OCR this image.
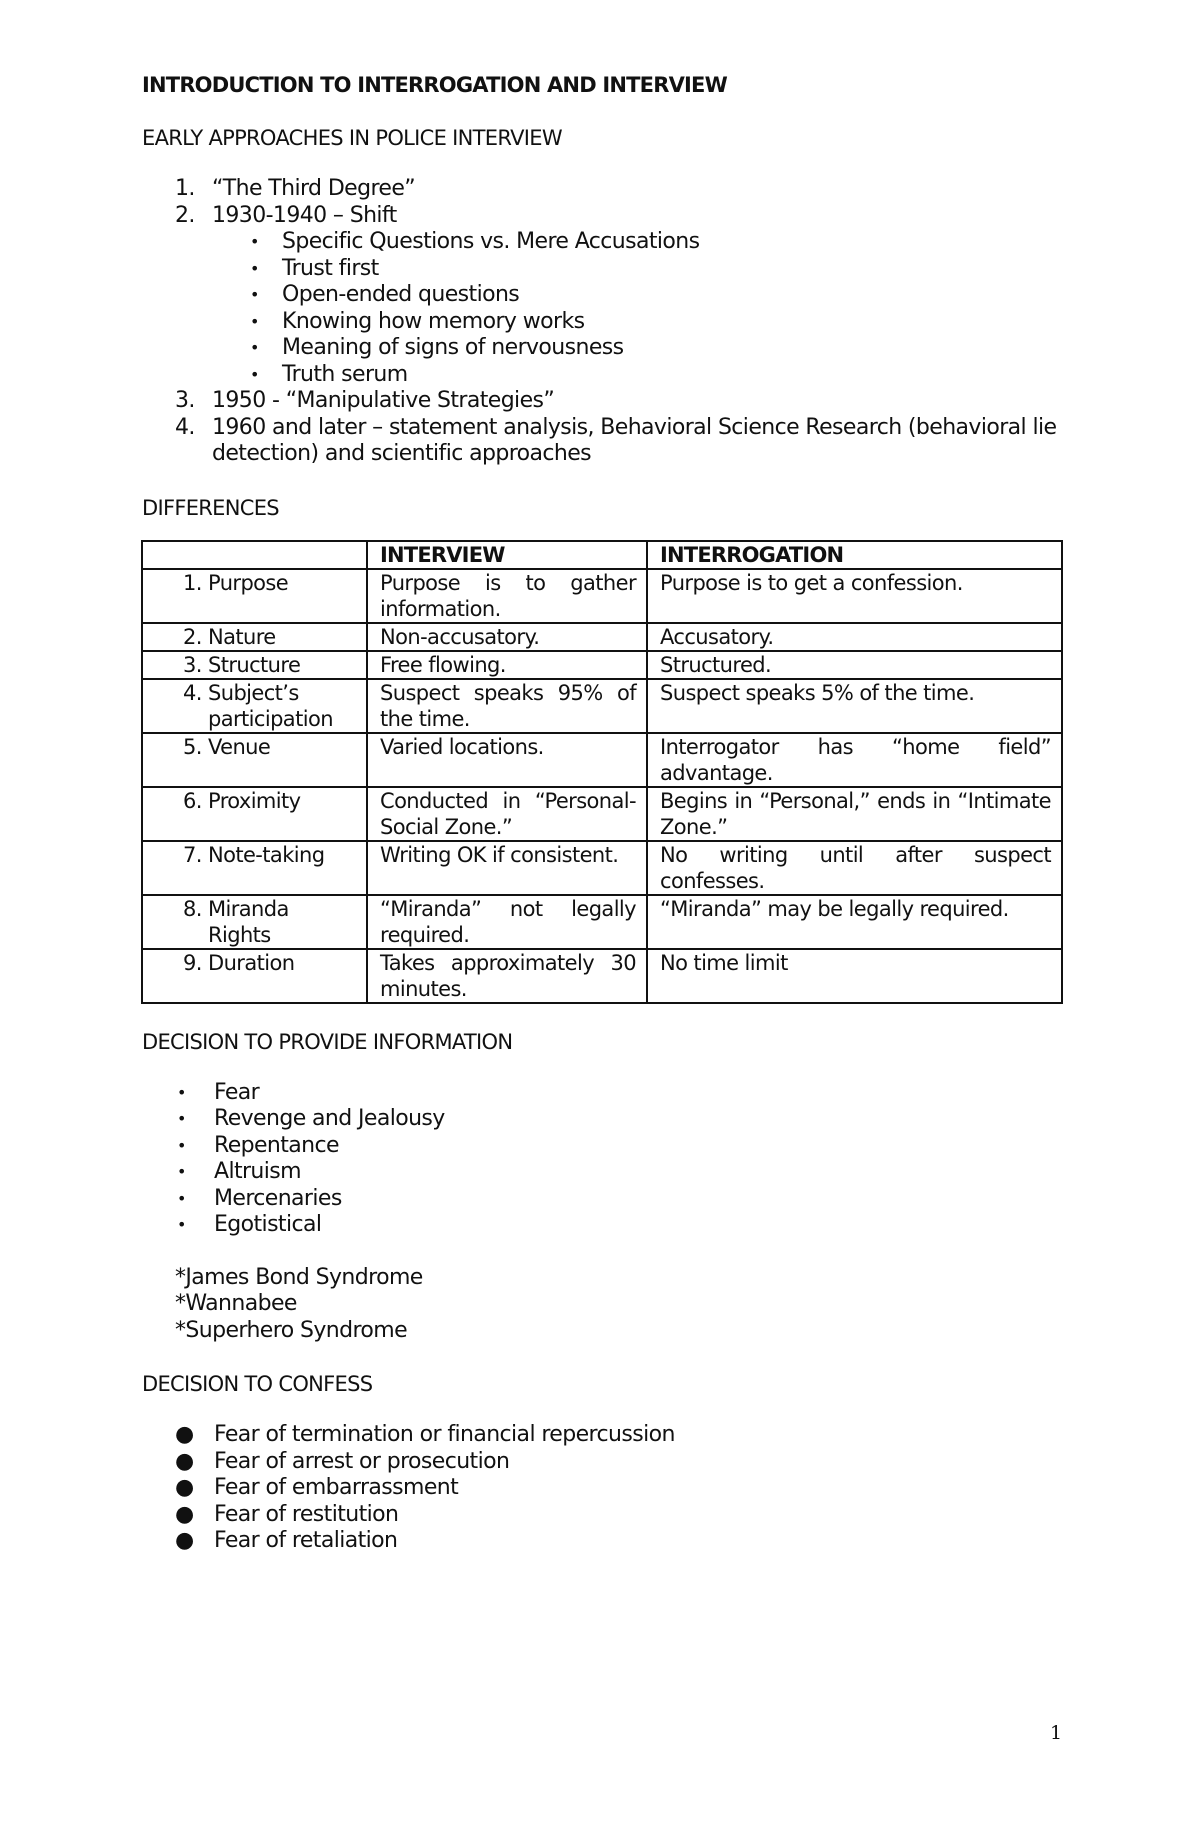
INTRODUCTION TO INTERROGATION AND INTERVIEW
EARLY APPROACHES IN POLICE INTERVIEW
1. “The Third Degree”
2. 1930-1940 – Shift
• Specific Questions vs. Mere Accusations
• Trust first
• Open-ended questions
• Knowing how memory works
• Meaning of signs of nervousness
• Truth serum
3. 1950 - “Manipulative Strategies”
4. 1960 and later – statement analysis, Behavioral Science Research (behavioral lie detection) and scientific approaches
DIFFERENCES
	INTERVIEW	INTERROGATION

1. Purpose	Purpose is to gather information.	Purpose is to get a confession.

2. Nature	Non-accusatory.	Accusatory.

3. Structure	Free flowing.	Structured.

4. Subject’s participation	Suspect speaks 95% of the time.	Suspect speaks 5% of the time.

5. Venue	Varied locations.	Interrogator has “home field” advantage.

6. Proximity	Conducted in “Personal-Social Zone.”	Begins in “Personal,” ends in “Intimate Zone.”

7. Note-taking	Writing OK if consistent.	No writing until after suspect confesses.

8. Miranda Rights	“Miranda” not legally required.	“Miranda” may be legally required.

9. Duration	Takes approximately 30 minutes.	No time limit
DECISION TO PROVIDE INFORMATION
• Fear
• Revenge and Jealousy
• Repentance
• Altruism
• Mercenaries
• Egotistical

*James Bond Syndrome

*Wannabee

*Superhero Syndrome

DECISION TO CONFESS
● Fear of termination or financial repercussion
● Fear of arrest or prosecution
● Fear of embarrassment
● Fear of restitution
● Fear of retaliation
1
